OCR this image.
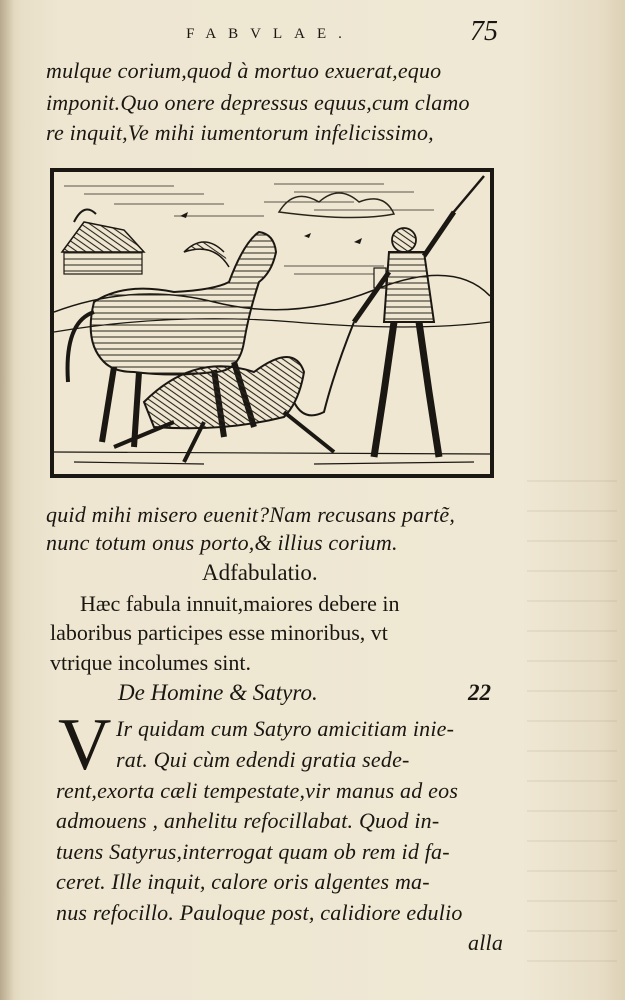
FABVLAE.	75
mulque corium,quod à mortuo exuerat,equo
imponit.Quo onere depressus equus,cum clamo
re inquit,Ve mihi iumentorum infelicissimo,
quid mihi misero euenit?Nam recusans partẽ,
nunc totum onus porto,& illius corium.
Adfabulatio.
Hæc fabula innuit,maiores debere in
laboribus participes esse minoribus, vt
vtrique incolumes sint.
De Homine & Satyro.	22
V Ir quidam cum Satyro amicitiam inie-
rat. Qui cùm edendi gratia sede-
rent,exorta cæli tempestate,vir manus ad eos
admouens , anhelitu refocillabat. Quod in-
tuens Satyrus,interrogat quam ob rem id fa-
ceret. Ille inquit, calore oris algentes ma-
nus refocillo. Pauloque post, calidiore edulio
alla
